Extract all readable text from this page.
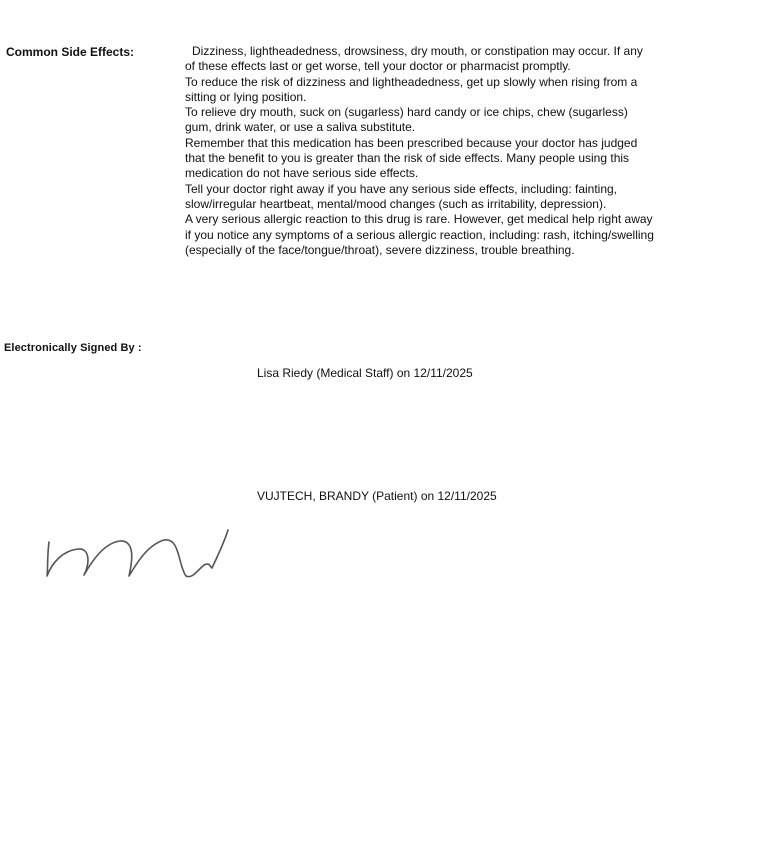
Common Side Effects:	Dizziness, lightheadedness, drowsiness, dry mouth, or constipation may occur. If any of these effects last or get worse, tell your doctor or pharmacist promptly.

To reduce the risk of dizziness and lightheadedness, get up slowly when rising from a sitting or lying position.

To relieve dry mouth, suck on (sugarless) hard candy or ice chips, chew (sugarless) gum, drink water, or use a saliva substitute.

Remember that this medication has been prescribed because your doctor has judged that the benefit to you is greater than the risk of side effects. Many people using this medication do not have serious side effects.

Tell your doctor right away if you have any serious side effects, including: fainting, slow/irregular heartbeat, mental/mood changes (such as irritability, depression).

A very serious allergic reaction to this drug is rare. However, get medical help right away if you notice any symptoms of a serious allergic reaction, including: rash, itching/swelling (especially of the face/tongue/throat), severe dizziness, trouble breathing.

Electronically Signed By :
Lisa Riedy (Medical Staff) on 12/11/2025
VUJTECH, BRANDY (Patient) on 12/11/2025
